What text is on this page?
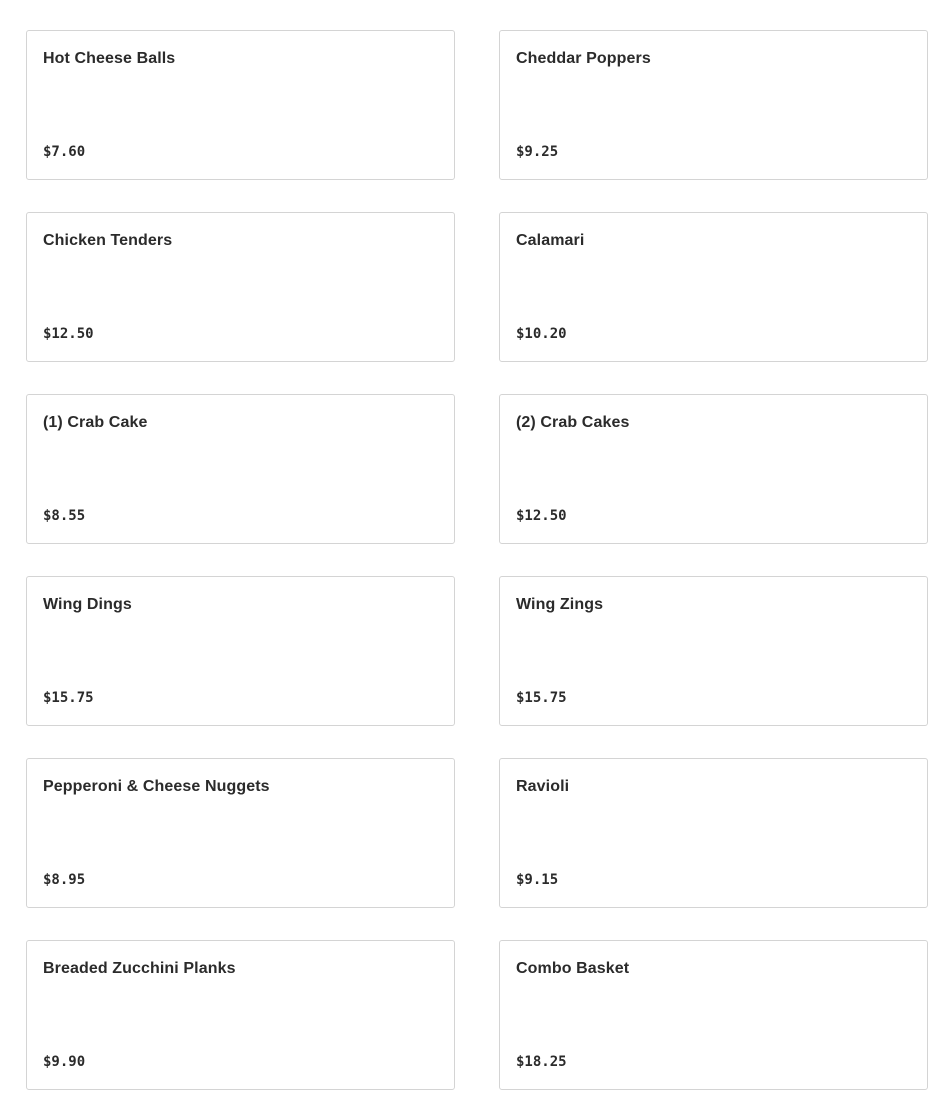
Hot Cheese Balls
$7.60
Cheddar Poppers
$9.25
Chicken Tenders
$12.50
Calamari
$10.20
(1) Crab Cake
$8.55
(2) Crab Cakes
$12.50
Wing Dings
$15.75
Wing Zings
$15.75
Pepperoni & Cheese Nuggets
$8.95
Ravioli
$9.15
Breaded Zucchini Planks
$9.90
Combo Basket
$18.25
